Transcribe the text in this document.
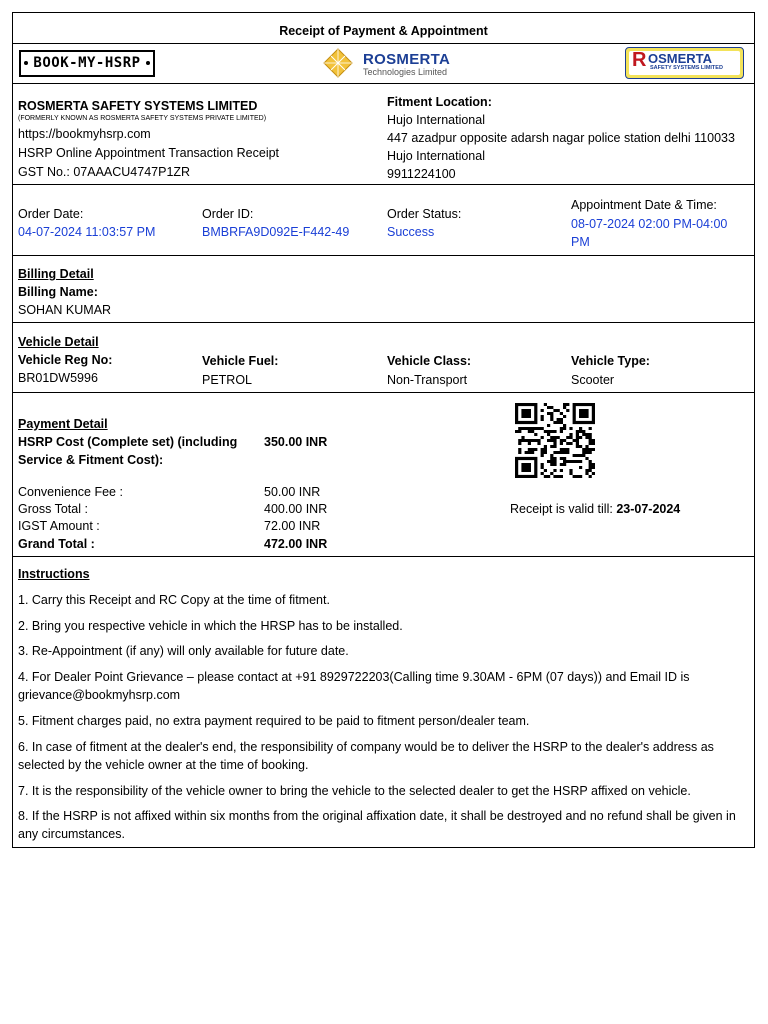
Receipt of Payment & Appointment
BOOK-MY-HSRP	ROSMERTA
Technologies Limited
R OSMERTA
SAFETY SYSTEMS LIMITED
ROSMERTA SAFETY SYSTEMS LIMITED
(FORMERLY KNOWN AS ROSMERTA SAFETY SYSTEMS PRIVATE LIMITED)
https://bookmyhsrp.com
HSRP Online Appointment Transaction Receipt
GST No.: 07AAACU4747P1ZR
Fitment Location:
Hujo International
447 azadpur opposite adarsh nagar police station delhi 110033
Hujo International
9911224100
Order Date:
04-07-2024 11:03:57 PM
Order ID:
BMBRFA9D092E-F442-49
Order Status:
Success
Appointment Date & Time:
08-07-2024 02:00 PM-04:00
PM
Billing Detail
Billing Name:
SOHAN KUMAR
Vehicle Detail
Vehicle Reg No:
BR01DW5996
Vehicle Fuel:
PETROL
Vehicle Class:
Non-Transport
Vehicle Type:
Scooter
Payment Detail
HSRP Cost (Complete set) (including
Service & Fitment Cost):
350.00 INR
Convenience Fee :	50.00 INR
Gross Total :	400.00 INR	Receipt is valid till: 23-07-2024
IGST Amount :	72.00 INR
Grand Total :	472.00 INR
Instructions
1. Carry this Receipt and RC Copy at the time of fitment.
2. Bring you respective vehicle in which the HRSP has to be installed.
3. Re-Appointment (if any) will only available for future date.
4. For Dealer Point Grievance – please contact at +91 8929722203(Calling time 9.30AM - 6PM (07 days)) and Email ID is grievance@bookmyhsrp.com
5. Fitment charges paid, no extra payment required to be paid to fitment person/dealer team.
6. In case of fitment at the dealer's end, the responsibility of company would be to deliver the HSRP to the dealer's address as selected by the vehicle owner at the time of booking.
7. It is the responsibility of the vehicle owner to bring the vehicle to the selected dealer to get the HSRP affixed on vehicle.
8. If the HSRP is not affixed within six months from the original affixation date, it shall be destroyed and no refund shall be given in any circumstances.
